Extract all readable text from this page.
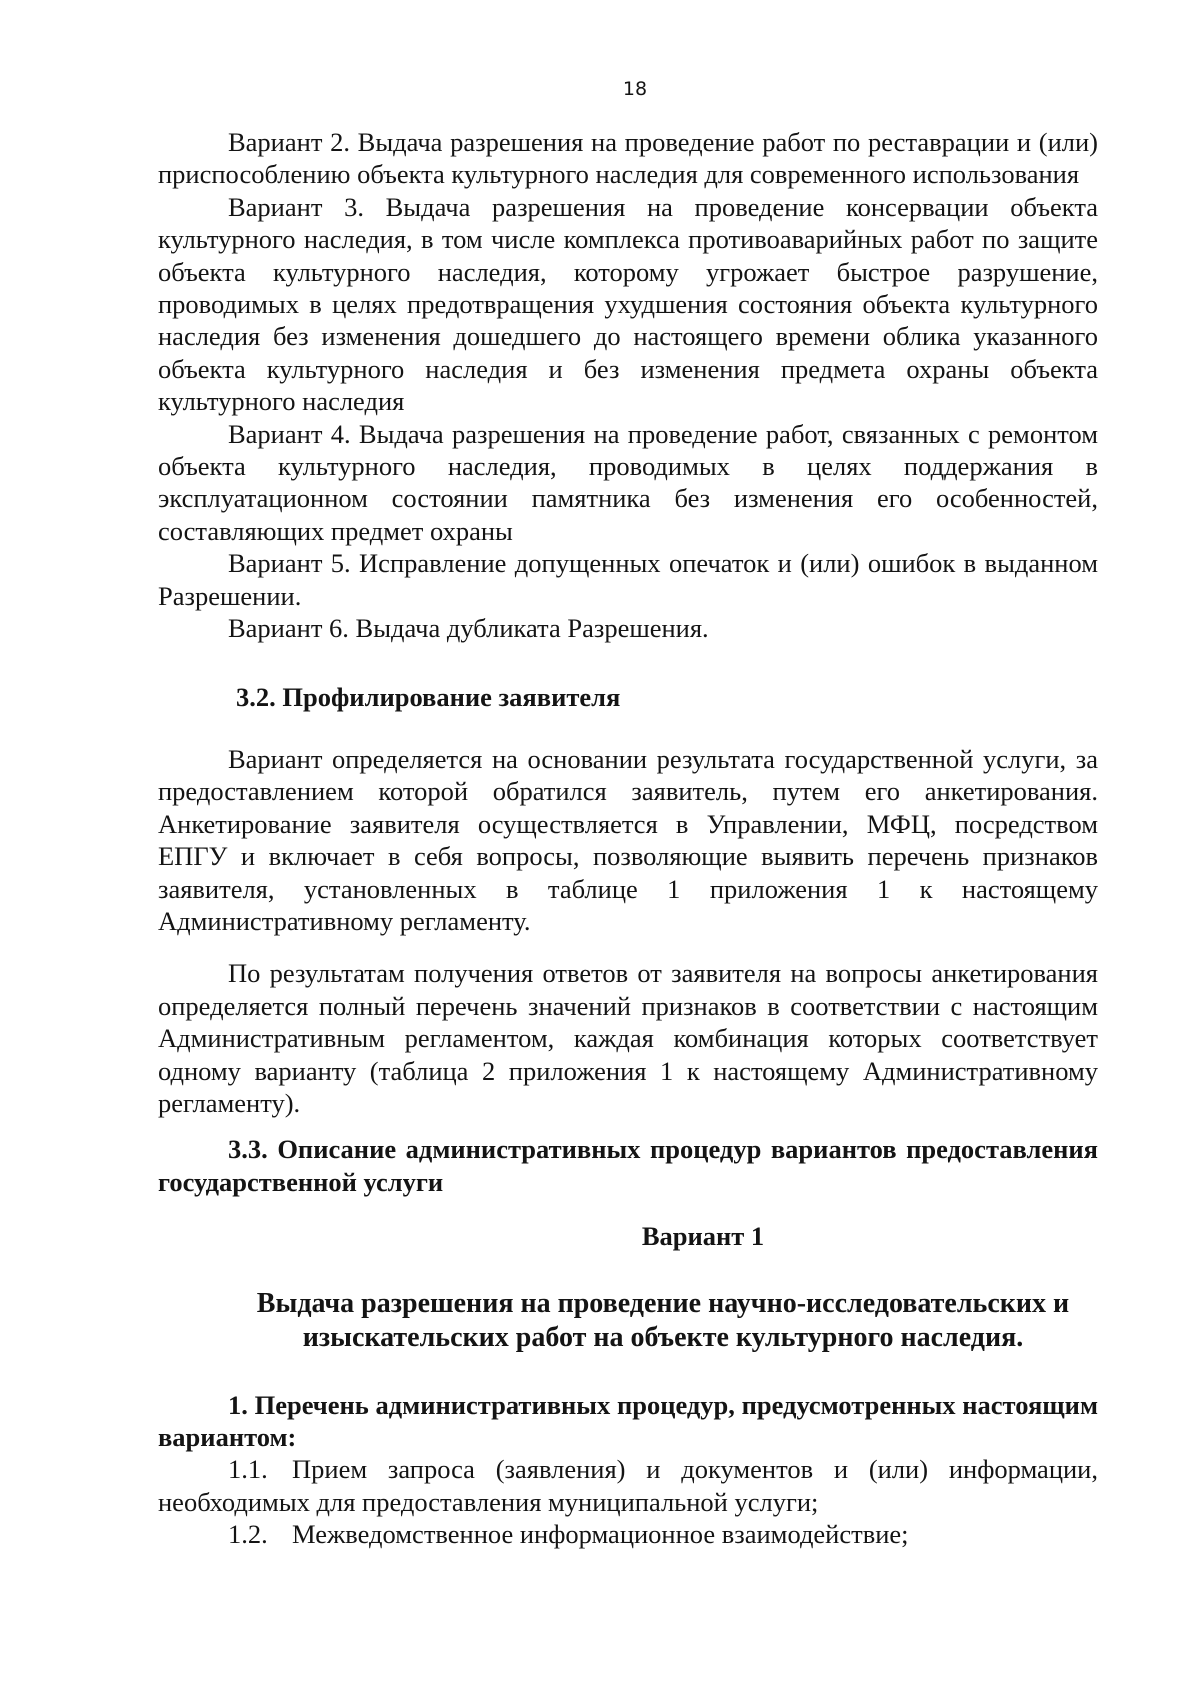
18

Вариант 2. Выдача разрешения на проведение работ по реставрации и (или) приспособлению объекта культурного наследия для современного использования

Вариант 3. Выдача разрешения на проведение консервации объекта культурного наследия, в том числе комплекса противоаварийных работ по защите объекта культурного наследия, которому угрожает быстрое разрушение, проводимых в целях предотвращения ухудшения состояния объекта культурного наследия без изменения дошедшего до настоящего времени облика указанного объекта культурного наследия и без изменения предмета охраны объекта культурного наследия

Вариант 4. Выдача разрешения на проведение работ, связанных с ремонтом объекта культурного наследия, проводимых в целях поддержания в эксплуатационном состоянии памятника без изменения его особенностей, составляющих предмет охраны

Вариант 5. Исправление допущенных опечаток и (или) ошибок в выданном Разрешении.

Вариант 6. Выдача дубликата Разрешения.

3.2. Профилирование заявителя

Вариант определяется на основании результата государственной услуги, за предоставлением которой обратился заявитель, путем его анкетирования. Анкетирование заявителя осуществляется в Управлении, МФЦ, посредством ЕПГУ и включает в себя вопросы, позволяющие выявить перечень признаков заявителя, установленных в таблице 1 приложения 1 к настоящему Административному регламенту.

По результатам получения ответов от заявителя на вопросы анкетирования определяется полный перечень значений признаков в соответствии с настоящим Административным регламентом, каждая комбинация которых соответствует одному варианту (таблица 2 приложения 1 к настоящему Административному регламенту).

3.3. Описание административных процедур вариантов предоставления государственной услуги
Вариант 1
Выдача разрешения на проведение научно-исследовательских и
изыскательских работ на объекте культурного наследия.
1. Перечень административных процедур, предусмотренных настоящим вариантом:

1.1. Прием запроса (заявления) и документов и (или) информации, необходимых для предоставления муниципальной услуги;

1.2. Межведомственное информационное взаимодействие;
